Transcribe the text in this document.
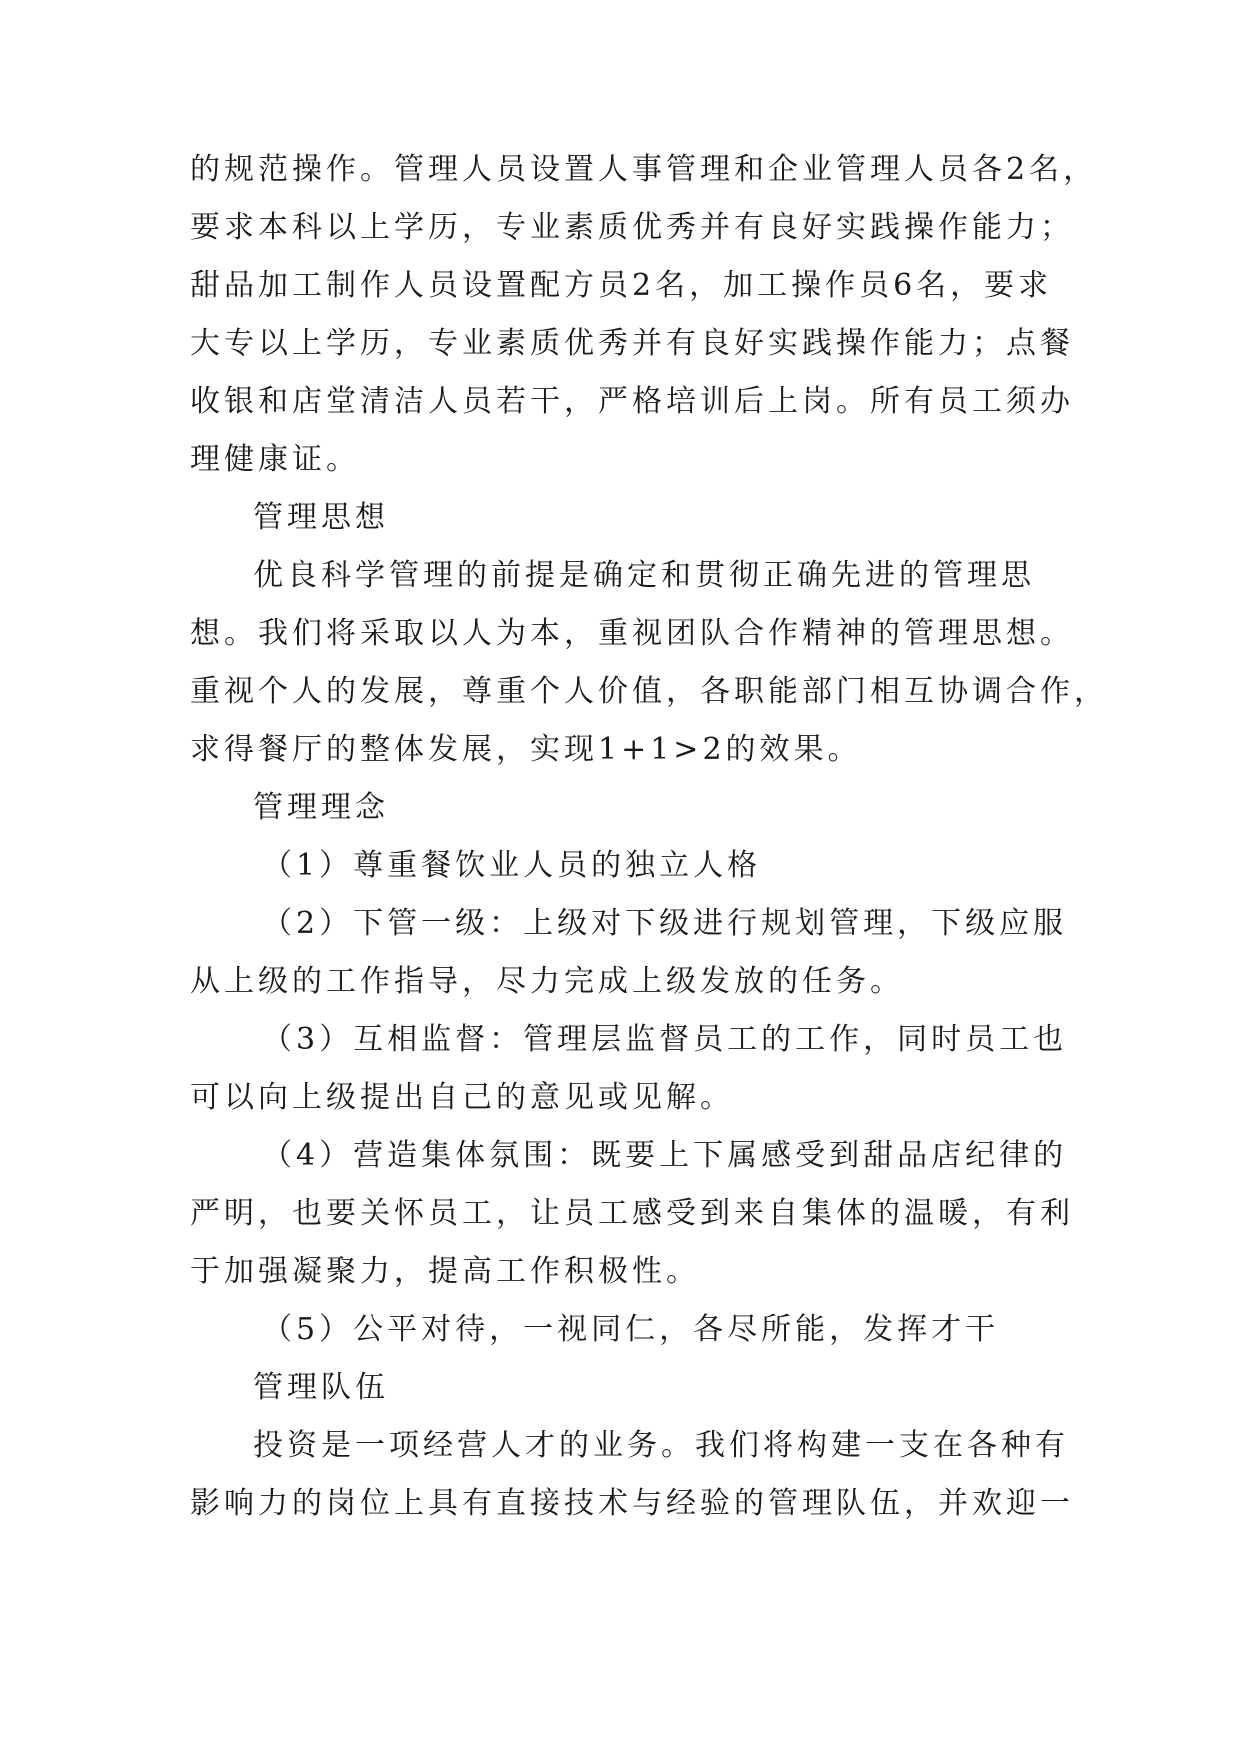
的规范操作。管理人员设置人事管理和企业管理人员各2名，
要求本科以上学历，专业素质优秀并有良好实践操作能力；
甜品加工制作人员设置配方员2名，加工操作员6名，要求
大专以上学历，专业素质优秀并有良好实践操作能力；点餐
收银和店堂清洁人员若干，严格培训后上岗。所有员工须办
理健康证。
管理思想
优良科学管理的前提是确定和贯彻正确先进的管理思
想。我们将采取以人为本，重视团队合作精神的管理思想。
重视个人的发展，尊重个人价值，各职能部门相互协调合作，
求得餐厅的整体发展，实现1+1>2的效果。
管理理念
（1）尊重餐饮业人员的独立人格
（2）下管一级：上级对下级进行规划管理，下级应服
从上级的工作指导，尽力完成上级发放的任务。
（3）互相监督：管理层监督员工的工作，同时员工也
可以向上级提出自己的意见或见解。
（4）营造集体氛围：既要上下属感受到甜品店纪律的
严明，也要关怀员工，让员工感受到来自集体的温暖，有利
于加强凝聚力，提高工作积极性。
（5）公平对待，一视同仁，各尽所能，发挥才干
管理队伍
投资是一项经营人才的业务。我们将构建一支在各种有
影响力的岗位上具有直接技术与经验的管理队伍，并欢迎一
